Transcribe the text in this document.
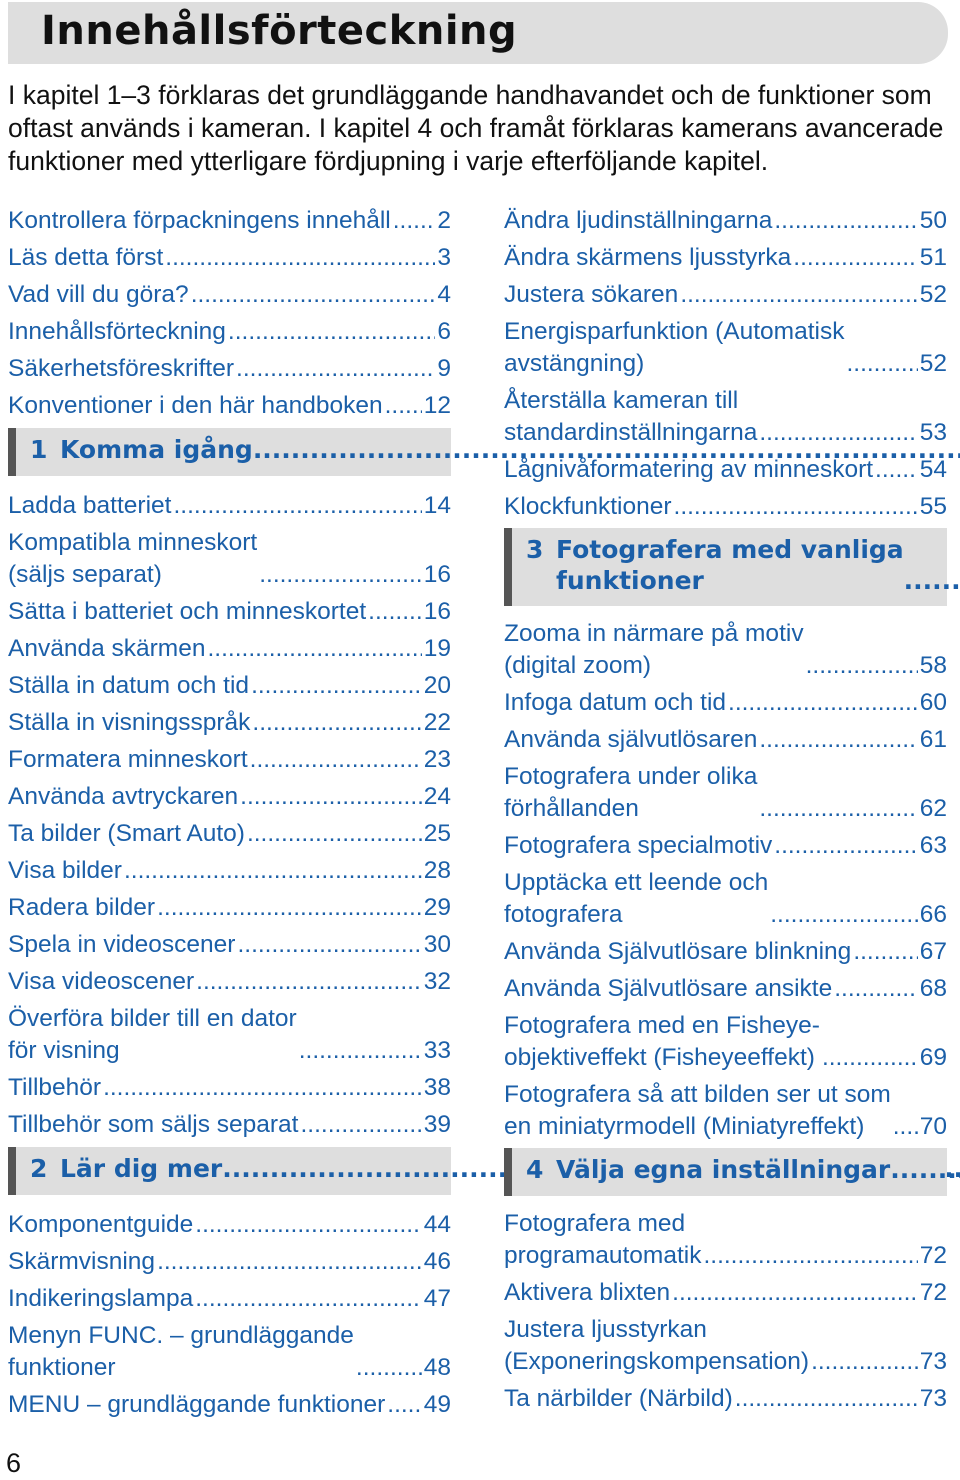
Innehållsförteckning
I kapitel 1–3 förklaras det grundläggande handhavandet och de funktioner som oftast används i kameran. I kapitel 4 och framåt förklaras kamerans avancerade funktioner med ytterligare fördjupning i varje efterföljande kapitel.
Kontrollera förpackningens innehåll ..... 2
Läs detta först .....	3
Vad vill du göra? .....	4
Innehållsförteckning .....	6
Säkerhetsföreskrifter .....	9
Konventioner i den här handboken ..... 12
1 Komma igång
.....
Ladda batteriet .....	14
Kompatibla minneskort
(säljs separat) .....	16
Sätta i batteriet och minneskortet ..... 16
Använda skärmen .....	19
Ställa in datum och tid .....	20
Ställa in visningsspråk .....	22
Formatera minneskort .....	23
Använda avtryckaren .....	24
Ta bilder (Smart Auto) .....	25
Visa bilder .....	28
Radera bilder .....	29
Spela in videoscener .....	30
Visa videoscener .....	32
Överföra bilder till en dator
för visning .....	33
Tillbehör .....	38
Tillbehör som säljs separat .....	39
2 Lär dig mer
.....
Komponentguide .....	44
Skärmvisning .....	46
Indikeringslampa .....	47
Menyn FUNC. – grundläggande
funktioner .....	48
MENU – grundläggande funktioner ..... 49
Ändra ljudinställningarna .....	50
Ändra skärmens ljusstyrka .....	51
Justera sökaren .....	52
Energisparfunktion (Automatisk
avstängning) .....	52
Återställa kameran till
standardinställningarna .....	53
Lågnivåformatering av minneskort ..... 54
Klockfunktioner .....	55
3 Fotografera med vanliga
funktioner
.....
Zooma in närmare på motiv
(digital zoom) .....	58
Infoga datum och tid .....	60
Använda självutlösaren .....	61
Fotografera under olika
förhållanden .....	62
Fotografera specialmotiv .....	63
Upptäcka ett leende och
fotografera .....	66
Använda Självutlösare blinkning .....	67
Använda Självutlösare ansikte .....	68
Fotografera med en Fisheye-
objektiveffekt (Fisheyeeffekt) .....	69
Fotografera så att bilden ser ut som
en miniatyrmodell (Miniatyreffekt) .....	70
4 Välja egna inställningar
.....
Fotografera med
programautomatik .....	72
Aktivera blixten .....	72
Justera ljusstyrkan
(Exponeringskompensation) .....	73
Ta närbilder (Närbild) .....	73
6
